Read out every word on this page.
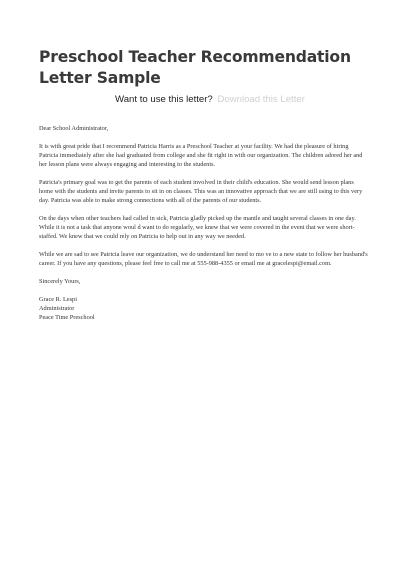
Preschool Teacher Recommendation Letter Sample
Want to use this letter? Download this Letter

Dear School Administrator,

It is with great pride that I recommend Patricia Harris as a Preschool Teacher at your facility. We had the pleasure of hiring Patricia immediately after she had graduated from college and she fit right in with our organization. The children adored her and her lesson plans were always engaging and interesting to the students.

Patricia's primary goal was to get the parents of each student involved in their child's education. She would send lesson plans home with the students and invite parents to sit in on classes. This was an innovative approach that we are still using to this very day. Patricia was able to make strong connections with all of the parents of our students.

On the days when other teachers had called in sick, Patricia gladly picked up the mantle and taught several classes in one day. While it is not a task that anyone woul d want to do regularly, we knew that we were covered in the event that we were short-staffed. We knew that we could rely on Patricia to help out in any way we needed.

While we are sad to see Patricia leave our organization, we do understand her need to mo ve to a new state to follow her husband's career. If you have any questions, please feel free to call me at 555-988-4355 or email me at gracelespi@email.com.

Sincerely Yours,

Grace R. Lespi
Administrator
Peace Time Preschool
